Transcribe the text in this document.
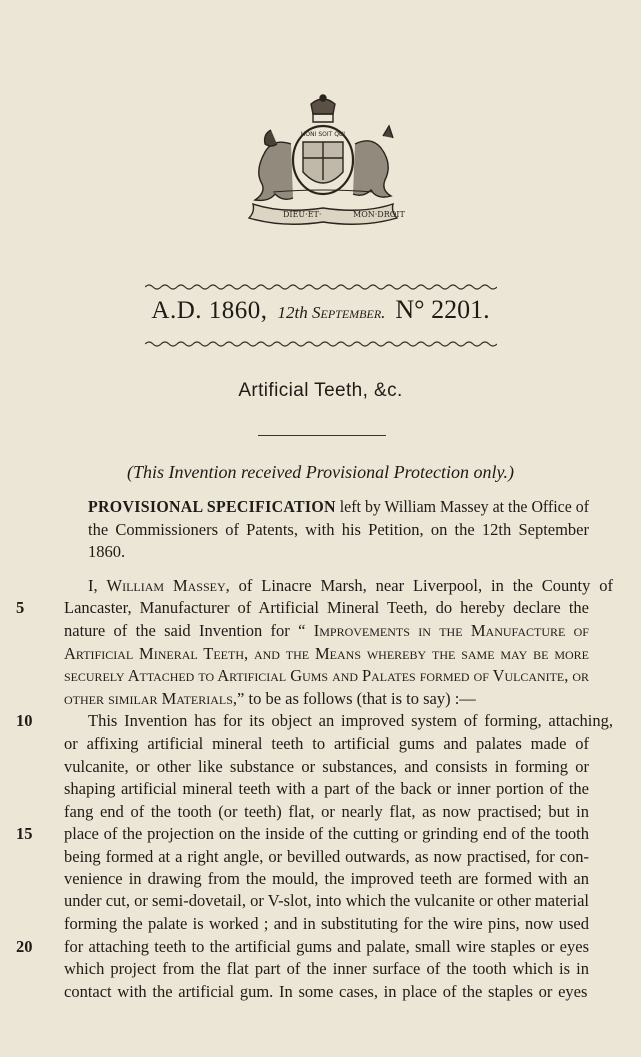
HONI SOIT QUI
DIEU·ET·	MON·DROIT
A.D. 1860, 12th September. N° 2201.
Artificial Teeth, &c.
(This Invention received Provisional Protection only.)
PROVISIONAL SPECIFICATION left by William Massey at the Office of
the Commissioners of Patents, with his Petition, on the 12th September
1860.
I, William Massey, of Linacre Marsh, near Liverpool, in the County of
5 Lancaster, Manufacturer of Artificial Mineral Teeth, do hereby declare the
nature of the said Invention for “ Improvements in the Manufacture of
Artificial Mineral Teeth, and the Means whereby the same may be more
securely Attached to Artificial Gums and Palates formed of Vulcanite, or
other similar Materials,” to be as follows (that is to say) :—
10	This Invention has for its object an improved system of forming, attaching,
or affixing artificial mineral teeth to artificial gums and palates made of
vulcanite, or other like substance or substances, and consists in forming or
shaping artificial mineral teeth with a part of the back or inner portion of the
fang end of the tooth (or teeth) flat, or nearly flat, as now practised; but in
15 place of the projection on the inside of the cutting or grinding end of the tooth
being formed at a right angle, or bevilled outwards, as now practised, for con-
venience in drawing from the mould, the improved teeth are formed with an
under cut, or semi-dovetail, or V-slot, into which the vulcanite or other material
forming the palate is worked ; and in substituting for the wire pins, now used
20 for attaching teeth to the artificial gums and palate, small wire staples or eyes
which project from the flat part of the inner surface of the tooth which is in
contact with the artificial gum. In some cases, in place of the staples or eyes
